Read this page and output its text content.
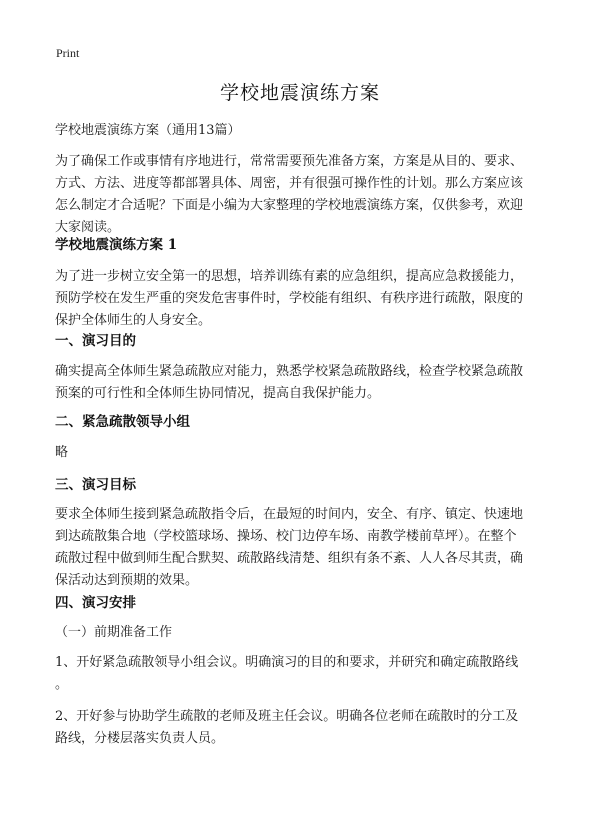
Print
学校地震演练方案
学校地震演练方案（通用13篇）
为了确保工作或事情有序地进行，常常需要预先准备方案，方案是从目的、要求、
方式、方法、进度等都部署具体、周密，并有很强可操作性的计划。那么方案应该
怎么制定才合适呢？下面是小编为大家整理的学校地震演练方案，仅供参考，欢迎
大家阅读。
学校地震演练方案 1
为了进一步树立安全第一的思想，培养训练有素的应急组织，提高应急救援能力，
预防学校在发生严重的突发危害事件时，学校能有组织、有秩序进行疏散，限度的
保护全体师生的人身安全。
一、演习目的
确实提高全体师生紧急疏散应对能力，熟悉学校紧急疏散路线，检查学校紧急疏散
预案的可行性和全体师生协同情况，提高自我保护能力。
二、紧急疏散领导小组
略
三、演习目标
要求全体师生接到紧急疏散指令后，在最短的时间内，安全、有序、镇定、快速地
到达疏散集合地（学校篮球场、操场、校门边停车场、南教学楼前草坪）。在整个
疏散过程中做到师生配合默契、疏散路线清楚、组织有条不紊、人人各尽其责，确
保活动达到预期的效果。
四、演习安排
（一）前期准备工作
1、开好紧急疏散领导小组会议。明确演习的目的和要求，并研究和确定疏散路线
。
2、开好参与协助学生疏散的老师及班主任会议。明确各位老师在疏散时的分工及
路线，分楼层落实负责人员。
